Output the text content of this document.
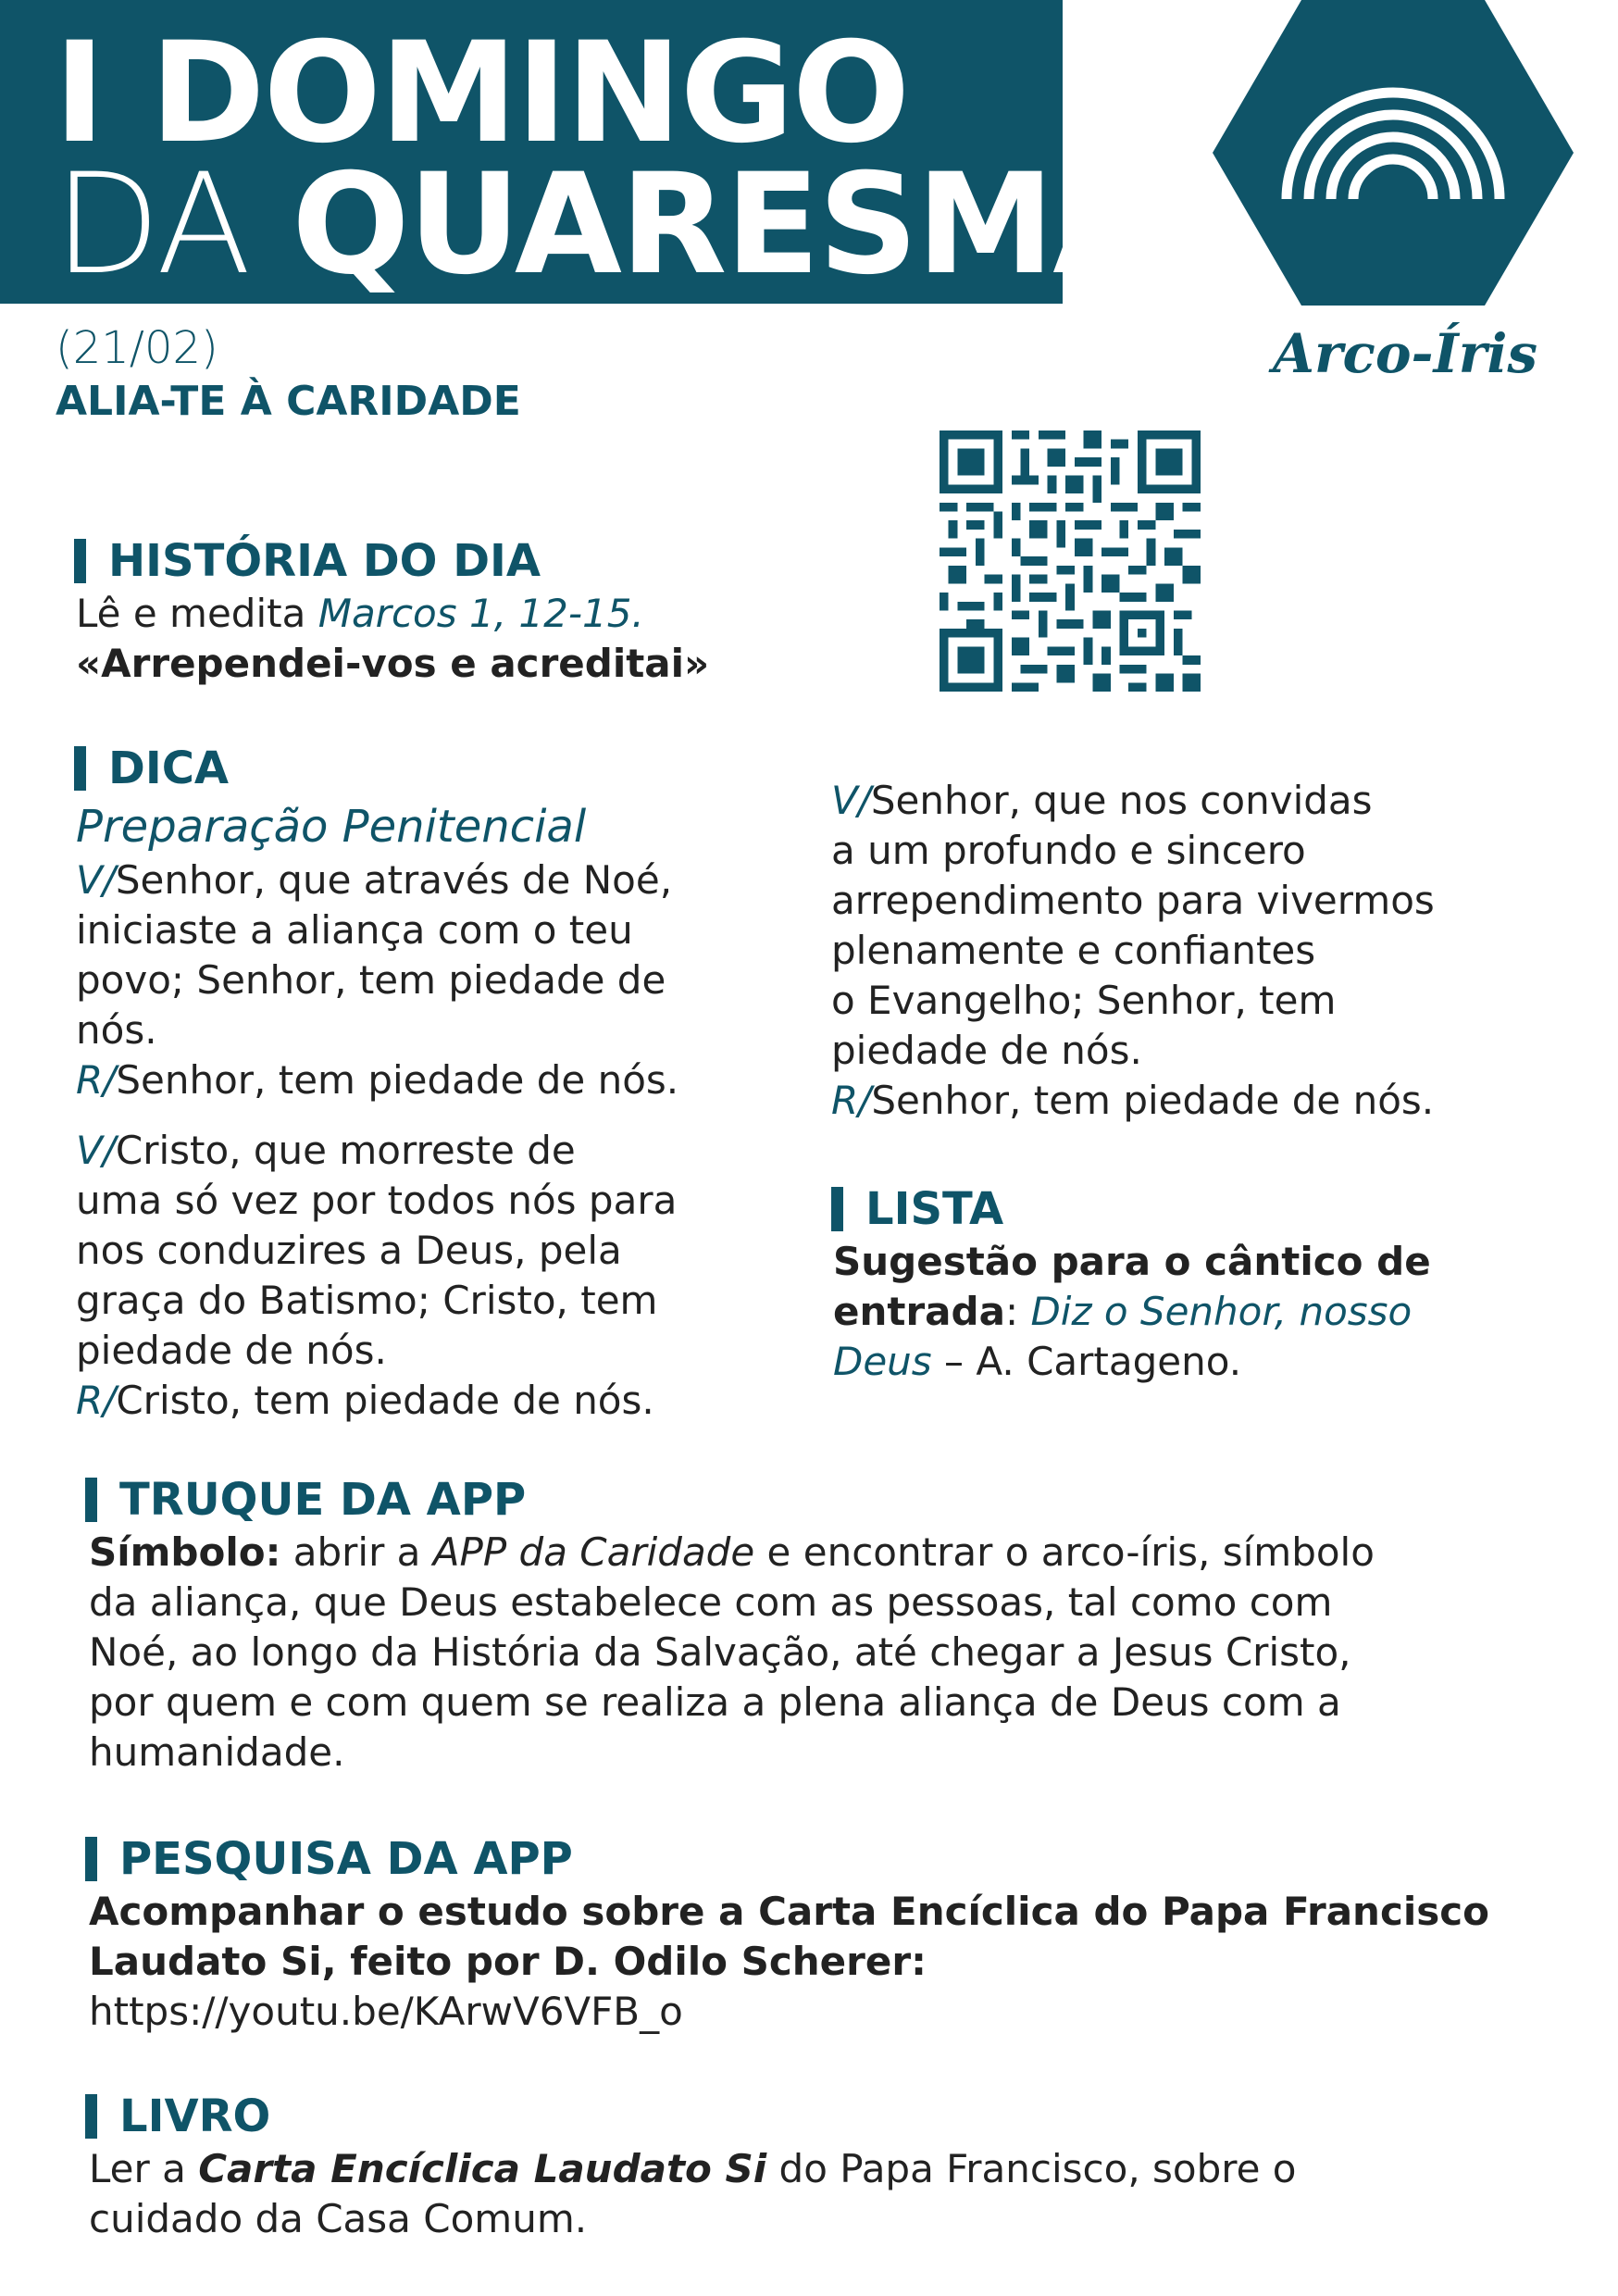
I DOMINGO
DA QUARESMA
Arco-Íris
(21/02)
ALIA-TE À CARIDADE
HISTÓRIA DO DIA
Lê e medita Marcos 1, 12-15.
«Arrependei-vos e acreditai»
DICA
Preparação Penitencial
V/Senhor, que através de Noé,
iniciaste a aliança com o teu
povo; Senhor, tem piedade de
nós.
R/Senhor, tem piedade de nós.
V/Cristo, que morreste de
uma só vez por todos nós para
nos conduzires a Deus, pela
graça do Batismo; Cristo, tem
piedade de nós.
R/Cristo, tem piedade de nós.
V/Senhor, que nos convidas
a um profundo e sincero
arrependimento para vivermos
plenamente e confiantes
o Evangelho; Senhor, tem
piedade de nós.
R/Senhor, tem piedade de nós.
LISTA
Sugestão para o cântico de
entrada: Diz o Senhor, nosso
Deus – A. Cartageno.
TRUQUE DA APP
Símbolo: abrir a APP da Caridade e encontrar o arco-íris, símbolo
da aliança, que Deus estabelece com as pessoas, tal como com
Noé, ao longo da História da Salvação, até chegar a Jesus Cristo,
por quem e com quem se realiza a plena aliança de Deus com a
humanidade.
PESQUISA DA APP
Acompanhar o estudo sobre a Carta Encíclica do Papa Francisco
Laudato Si, feito por D. Odilo Scherer:
https://youtu.be/KArwV6VFB_o
LIVRO
Ler a Carta Encíclica Laudato Si do Papa Francisco, sobre o
cuidado da Casa Comum.
